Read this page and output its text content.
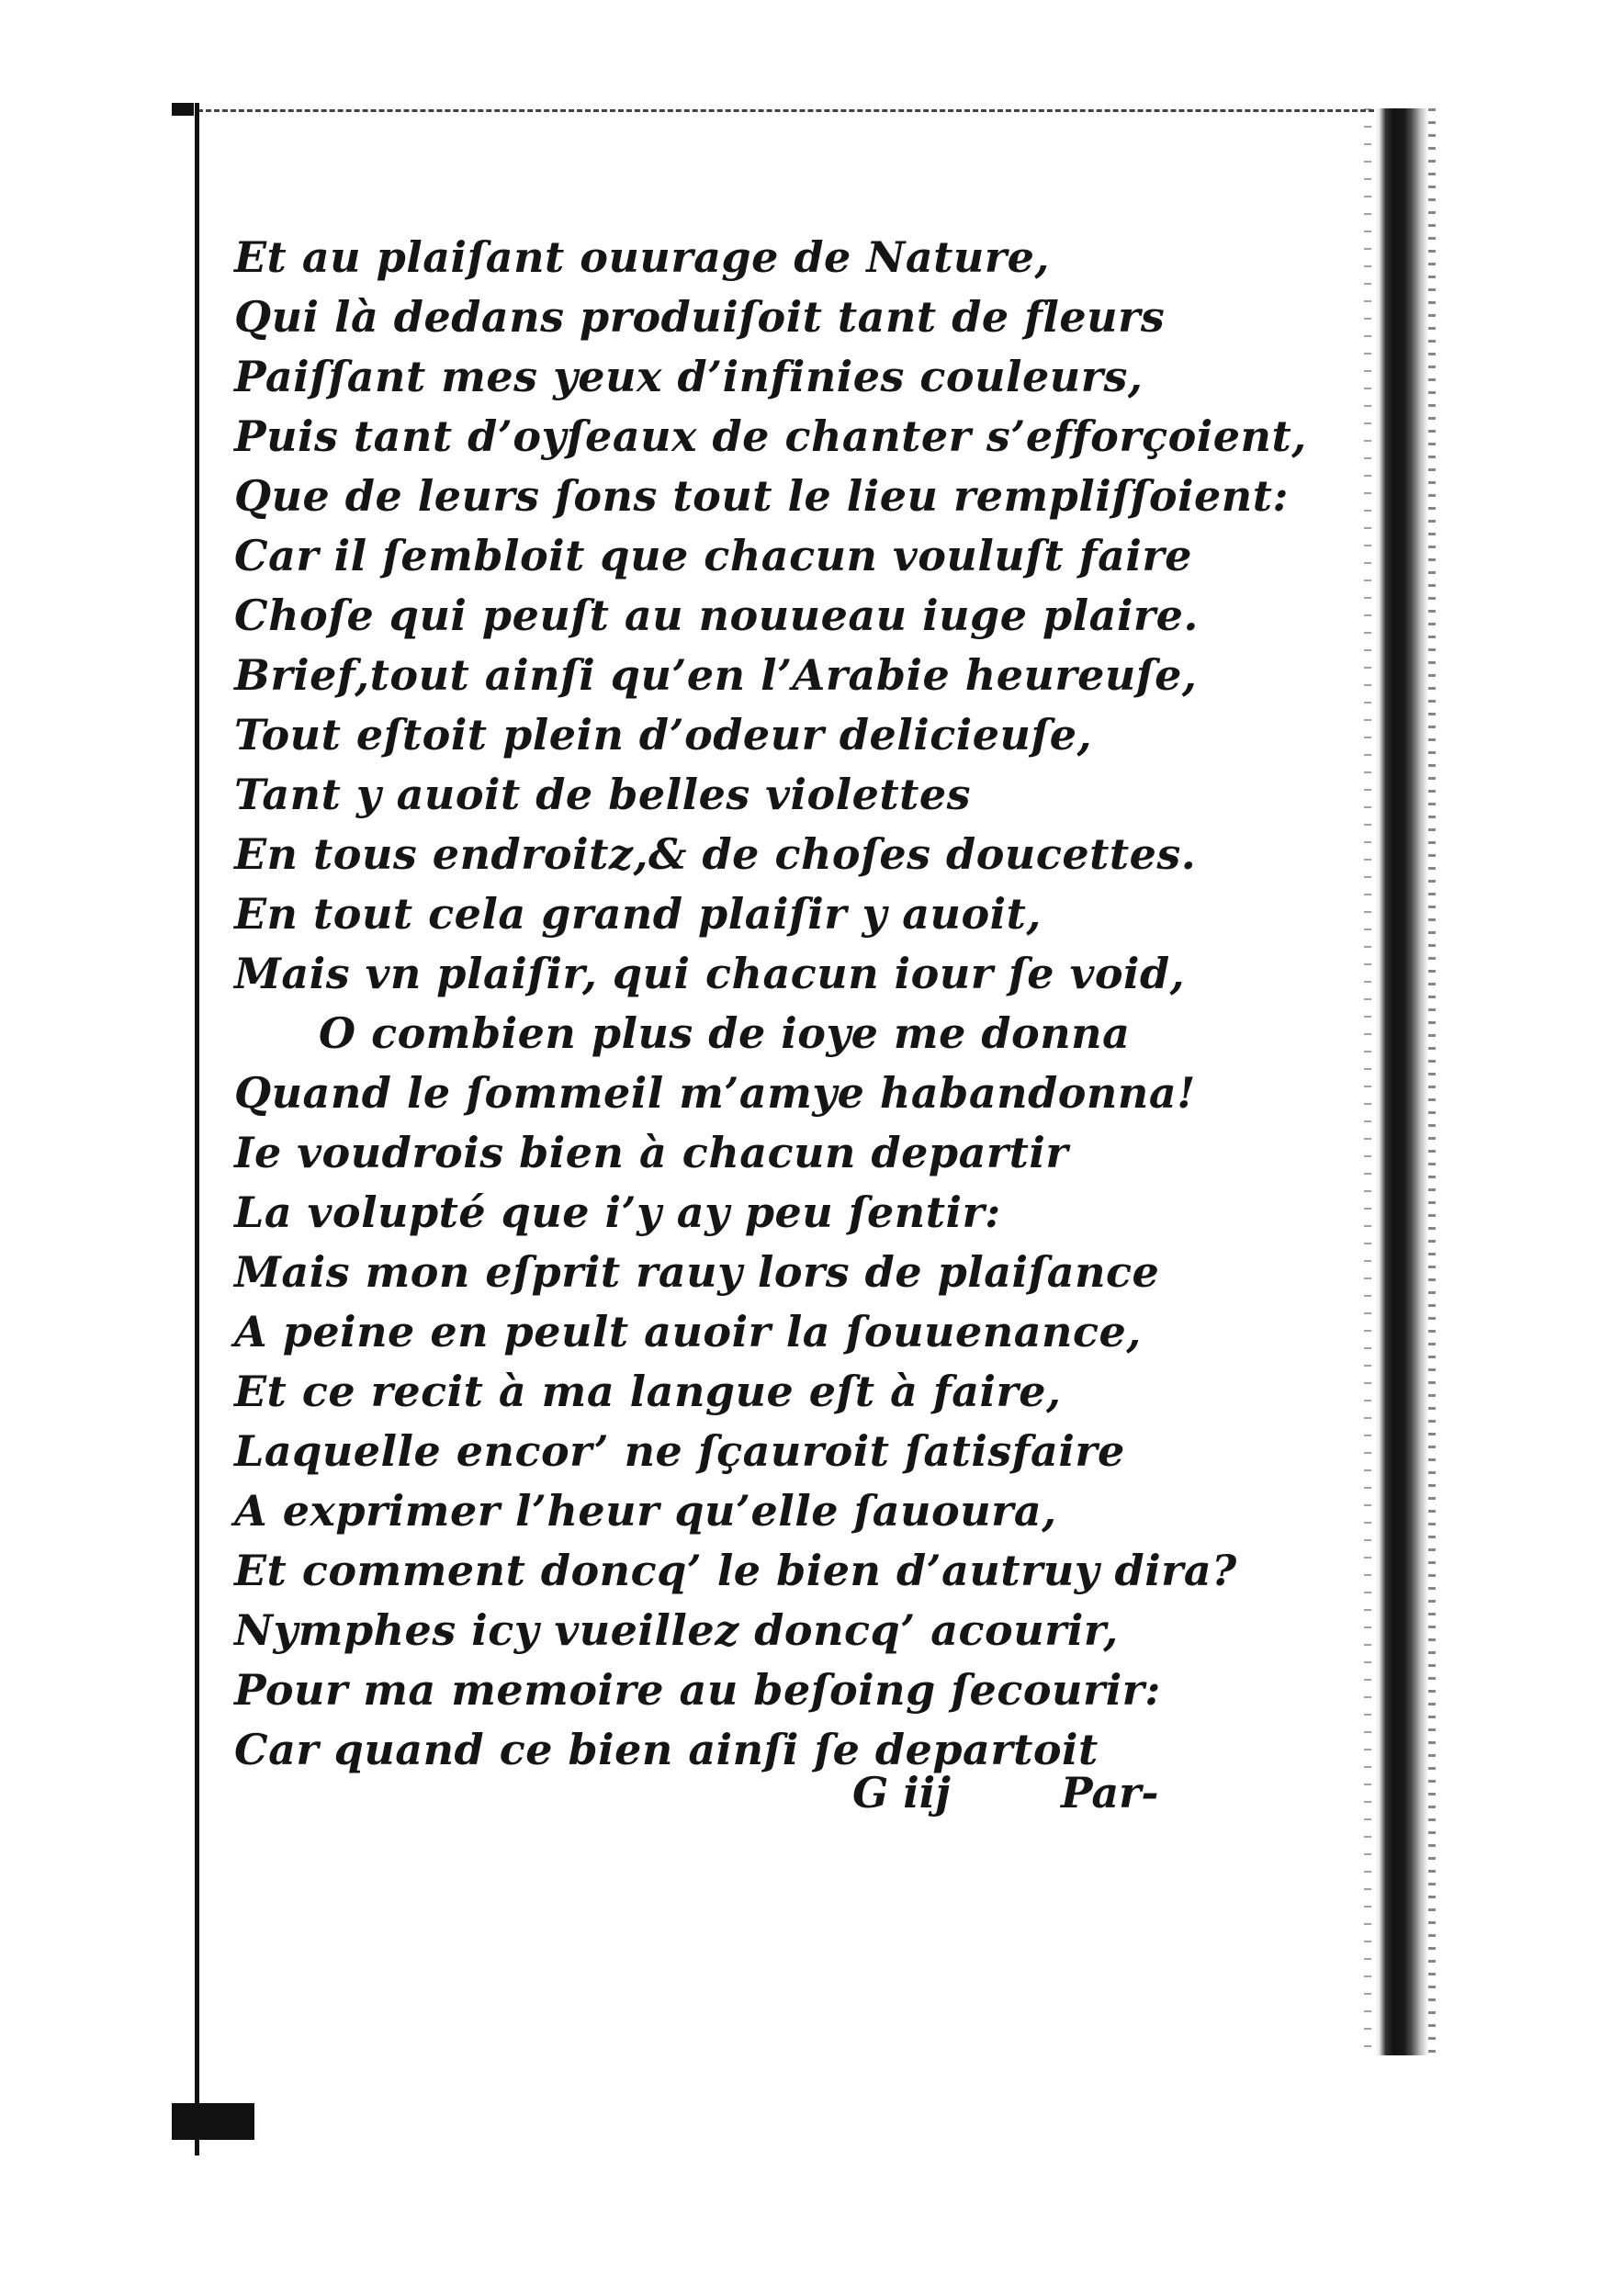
Et au plaiſant ouurage de Nature,
Qui là dedans produiſoit tant de fleurs
Paiſſant mes yeux d’infinies couleurs,
Puis tant d’oyſeaux de chanter s’efforçoient,
Que de leurs ſons tout le lieu rempliſſoient:
Car il ſembloit que chacun vouluſt faire
Choſe qui peuſt au nouueau iuge plaire.
Brief,tout ainſi qu’en l’Arabie heureuſe,
Tout eſtoit plein d’odeur delicieuſe,
Tant y auoit de belles violettes
En tous endroitz,& de choſes doucettes.
En tout cela grand plaiſir y auoit,
Mais vn plaiſir, qui chacun iour ſe void,
O combien plus de ioye me donna
Quand le ſommeil m’amye habandonna!
Ie voudrois bien à chacun departir
La volupté que i’y ay peu ſentir:
Mais mon eſprit rauy lors de plaiſance
A peine en peult auoir la ſouuenance,
Et ce recit à ma langue eſt à faire,
Laquelle encor’ ne ſçauroit ſatisfaire
A exprimer l’heur qu’elle ſauoura,
Et comment doncq’ le bien d’autruy dira?
Nymphes icy vueillez doncq’ acourir,
Pour ma memoire au beſoing ſecourir:
Car quand ce bien ainſi ſe departoit
G iij	Par-
